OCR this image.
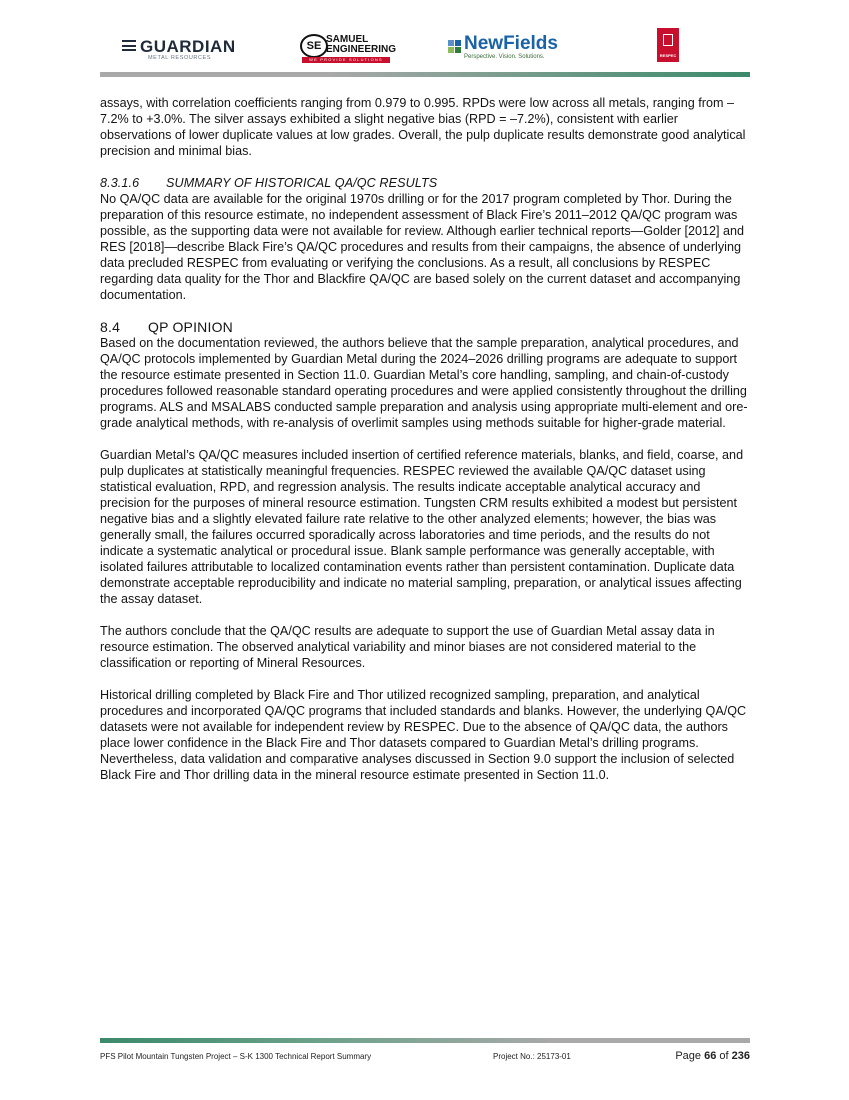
GUARDIAN
METAL RESOURCES
SE
SAMUEL
ENGINEERING
WE PROVIDE SOLUTIONS
NewFields
Perspective. Vision. Solutions.	RESPEC

assays, with correlation coefficients ranging from 0.979 to 0.995. RPDs were low across all metals, ranging from –7.2% to +3.0%. The silver assays exhibited a slight negative bias (RPD = –7.2%), consistent with earlier observations of lower duplicate values at low grades. Overall, the pulp duplicate results demonstrate good analytical precision and minimal bias.

8.3.1.6 SUMMARY OF HISTORICAL QA/QC RESULTS

No QA/QC data are available for the original 1970s drilling or for the 2017 program completed by Thor. During the preparation of this resource estimate, no independent assessment of Black Fire’s 2011–2012 QA/QC program was possible, as the supporting data were not available for review. Although earlier technical reports—Golder [2012] and RES [2018]—describe Black Fire’s QA/QC procedures and results from their campaigns, the absence of underlying data precluded RESPEC from evaluating or verifying the conclusions. As a result, all conclusions by RESPEC regarding data quality for the Thor and Blackfire QA/QC are based solely on the current dataset and accompanying documentation.

8.4 QP OPINION

Based on the documentation reviewed, the authors believe that the sample preparation, analytical procedures, and QA/QC protocols implemented by Guardian Metal during the 2024–2026 drilling programs are adequate to support the resource estimate presented in Section 11.0. Guardian Metal’s core handling, sampling, and chain-of-custody procedures followed reasonable standard operating procedures and were applied consistently throughout the drilling programs. ALS and MSALABS conducted sample preparation and analysis using appropriate multi-element and ore-grade analytical methods, with re-analysis of overlimit samples using methods suitable for higher-grade material.

Guardian Metal’s QA/QC measures included insertion of certified reference materials, blanks, and field, coarse, and pulp duplicates at statistically meaningful frequencies. RESPEC reviewed the available QA/QC dataset using statistical evaluation, RPD, and regression analysis. The results indicate acceptable analytical accuracy and precision for the purposes of mineral resource estimation. Tungsten CRM results exhibited a modest but persistent negative bias and a slightly elevated failure rate relative to the other analyzed elements; however, the bias was generally small, the failures occurred sporadically across laboratories and time periods, and the results do not indicate a systematic analytical or procedural issue. Blank sample performance was generally acceptable, with isolated failures attributable to localized contamination events rather than persistent contamination. Duplicate data demonstrate acceptable reproducibility and indicate no material sampling, preparation, or analytical issues affecting the assay dataset.

The authors conclude that the QA/QC results are adequate to support the use of Guardian Metal assay data in resource estimation. The observed analytical variability and minor biases are not considered material to the classification or reporting of Mineral Resources.

Historical drilling completed by Black Fire and Thor utilized recognized sampling, preparation, and analytical procedures and incorporated QA/QC programs that included standards and blanks. However, the underlying QA/QC datasets were not available for independent review by RESPEC. Due to the absence of QA/QC data, the authors place lower confidence in the Black Fire and Thor datasets compared to Guardian Metal’s drilling programs. Nevertheless, data validation and comparative analyses discussed in Section 9.0 support the inclusion of selected Black Fire and Thor drilling data in the mineral resource estimate presented in Section 11.0.

PFS Pilot Mountain Tungsten Project – S-K 1300 Technical Report Summary	Project No.: 25173-01	Page 66 of 236
